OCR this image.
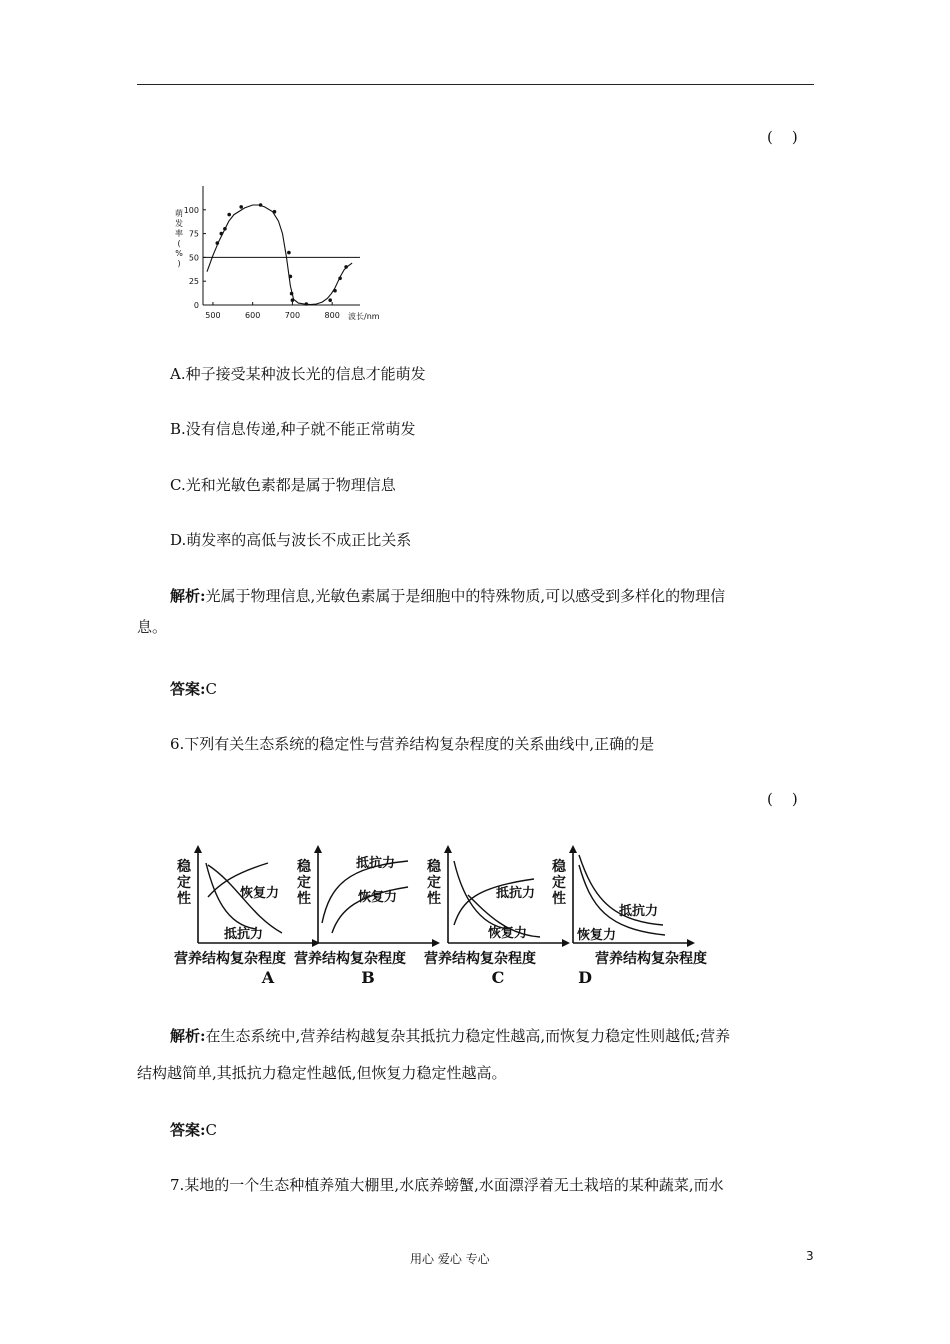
(    )
0
25
50
75
100
500	600	700	800 波长/nm
萌发率( % )
A.种子接受某种波长光的信息才能萌发
B.没有信息传递,种子就不能正常萌发
C.光和光敏色素都是属于物理信息
D.萌发率的高低与波长不成正比关系
解析:光属于物理信息,光敏色素属于是细胞中的特殊物质,可以感受到多样化的物理信
息。
答案:C
6.下列有关生态系统的稳定性与营养结构复杂程度的关系曲线中,正确的是
(    )
稳
定
性	恢复力
抵抗力
营养结构复杂程度
A
稳
定
性
抵抗力
恢复力
营养结构复杂程度
B
稳
定
性	抵抗力
恢复力
营养结构复杂程度
C
稳
定
性
抵抗力
恢复力
营养结构复杂程度
D
解析:在生态系统中,营养结构越复杂其抵抗力稳定性越高,而恢复力稳定性则越低;营养
结构越简单,其抵抗力稳定性越低,但恢复力稳定性越高。
答案:C
7.某地的一个生态种植养殖大棚里,水底养螃蟹,水面漂浮着无土栽培的某种蔬菜,而水
用心 爱心 专心	3
